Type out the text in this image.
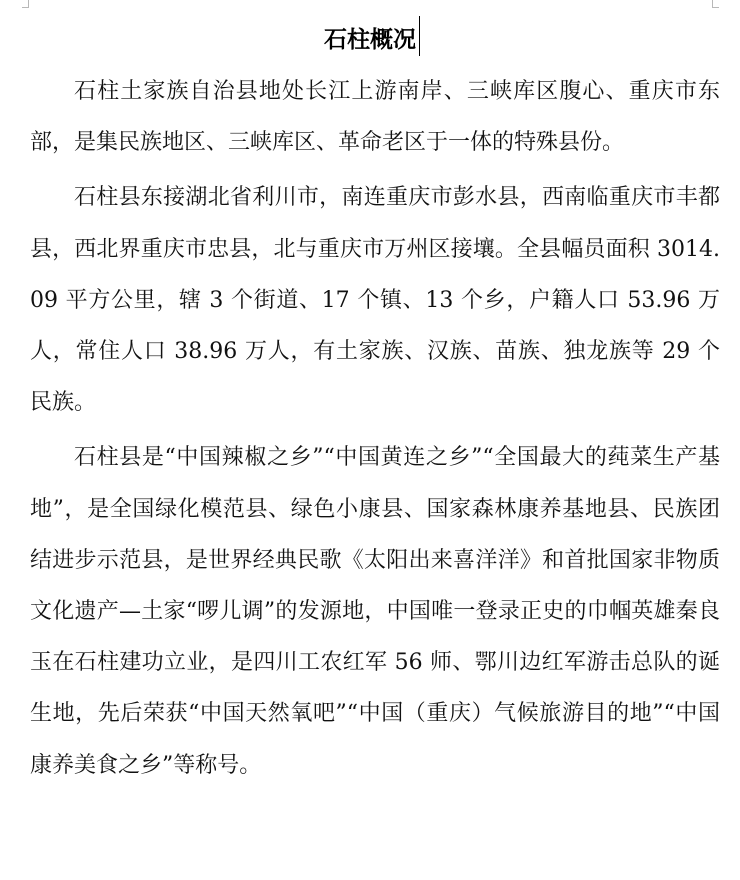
石柱概况

石柱土家族自治县地处长江上游南岸、三峡库区腹心、重庆市东部，是集民族地区、三峡库区、革命老区于一体的特殊县份。

石柱县东接湖北省利川市，南连重庆市彭水县，西南临重庆市丰都县，西北界重庆市忠县，北与重庆市万州区接壤。全县幅员面积 3014.09 平方公里，辖 3 个街道、17 个镇、13 个乡，户籍人口 53.96 万人，常住人口 38.96 万人，有土家族、汉族、苗族、独龙族等 29 个民族。

石柱县是“中国辣椒之乡”“中国黄连之乡”“全国最大的莼菜生产基地”，是全国绿化模范县、绿色小康县、国家森林康养基地县、民族团结进步示范县，是世界经典民歌《太阳出来喜洋洋》和首批国家非物质文化遗产—土家“啰儿调”的发源地，中国唯一登录正史的巾帼英雄秦良玉在石柱建功立业，是四川工农红军 56 师、鄂川边红军游击总队的诞生地，先后荣获“中国天然氧吧”“中国（重庆）气候旅游目的地”“中国康养美食之乡”等称号。
